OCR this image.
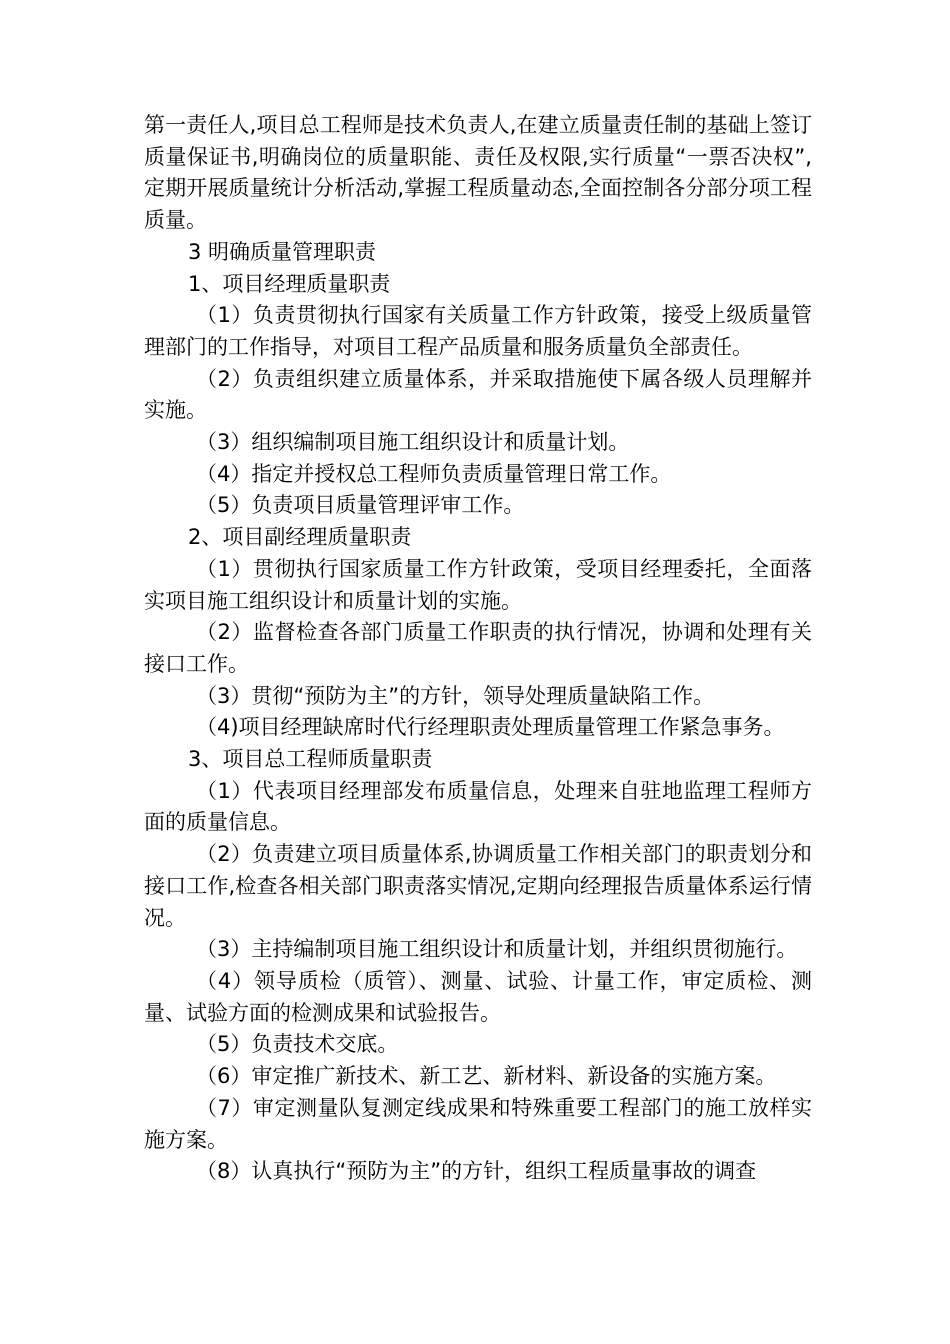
第一责任人,项目总工程师是技术负责人,在建立质量责任制的基础上签订质量保证书,明确岗位的质量职能、责任及权限,实行质量“一票否决权”,定期开展质量统计分析活动,掌握工程质量动态,全面控制各分部分项工程质量。

3 明确质量管理职责

1、项目经理质量职责

（1）负责贯彻执行国家有关质量工作方针政策，接受上级质量管理部门的工作指导，对项目工程产品质量和服务质量负全部责任。

（2）负责组织建立质量体系，并采取措施使下属各级人员理解并实施。

（3）组织编制项目施工组织设计和质量计划。

（4）指定并授权总工程师负责质量管理日常工作。

（5）负责项目质量管理评审工作。

2、项目副经理质量职责

（1）贯彻执行国家质量工作方针政策，受项目经理委托，全面落实项目施工组织设计和质量计划的实施。

（2）监督检查各部门质量工作职责的执行情况，协调和处理有关接口工作。

（3）贯彻“预防为主”的方针，领导处理质量缺陷工作。

（4)项目经理缺席时代行经理职责处理质量管理工作紧急事务。

3、项目总工程师质量职责

（1）代表项目经理部发布质量信息，处理来自驻地监理工程师方面的质量信息。

（2）负责建立项目质量体系,协调质量工作相关部门的职责划分和接口工作,检查各相关部门职责落实情况,定期向经理报告质量体系运行情况。

（3）主持编制项目施工组织设计和质量计划，并组织贯彻施行。

（4）领导质检（质管）、测量、试验、计量工作，审定质检、测量、试验方面的检测成果和试验报告。

（5）负责技术交底。

（6）审定推广新技术、新工艺、新材料、新设备的实施方案。

（7）审定测量队复测定线成果和特殊重要工程部门的施工放样实施方案。

（8）认真执行“预防为主”的方针，组织工程质量事故的调查
